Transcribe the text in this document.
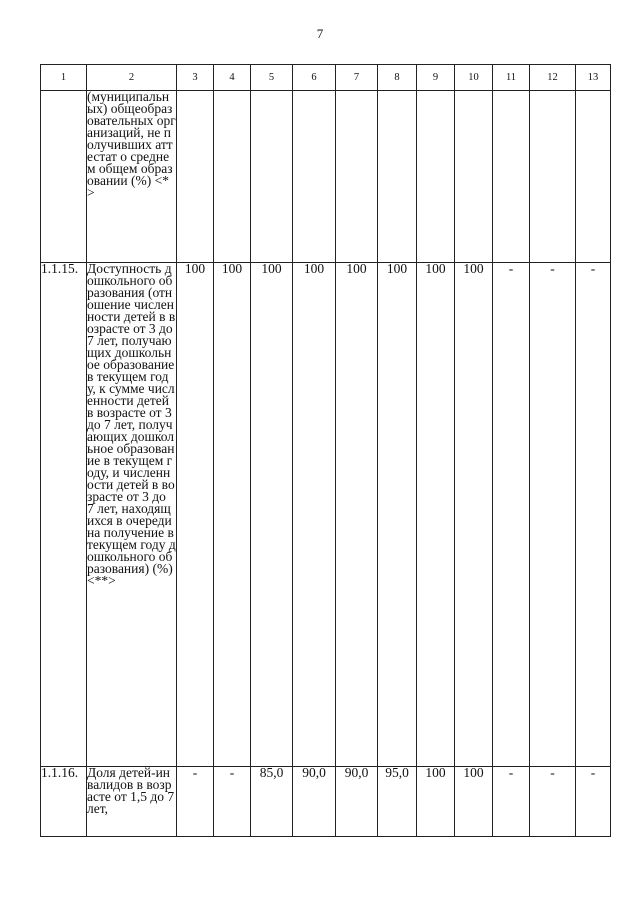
7
1	2	3	4	5	6	7	8	9	10	11	12	13
	(муниципальных) общеобразовательных организаций, не получивших аттестат о среднем общем образовании (%) <*>											
1.1.15.	Доступность дошкольного образования (отношение численности детей в возрасте от 3 до 7 лет, получающих дошкольное образование в текущем году, к сумме численности детей в возрасте от 3 до 7 лет, получающих дошкольное образование в текущем году, и численности детей в возрасте от 3 до 7 лет, находящихся в очереди на получение в текущем году дошкольного образования) (%) <**>	100	100	100	100	100	100	100	100	-	-	-
1.1.16.	Доля детей-инвалидов в возрасте от 1,5 до 7 лет,	-	-	85,0	90,0	90,0	95,0	100	100	-	-	-
